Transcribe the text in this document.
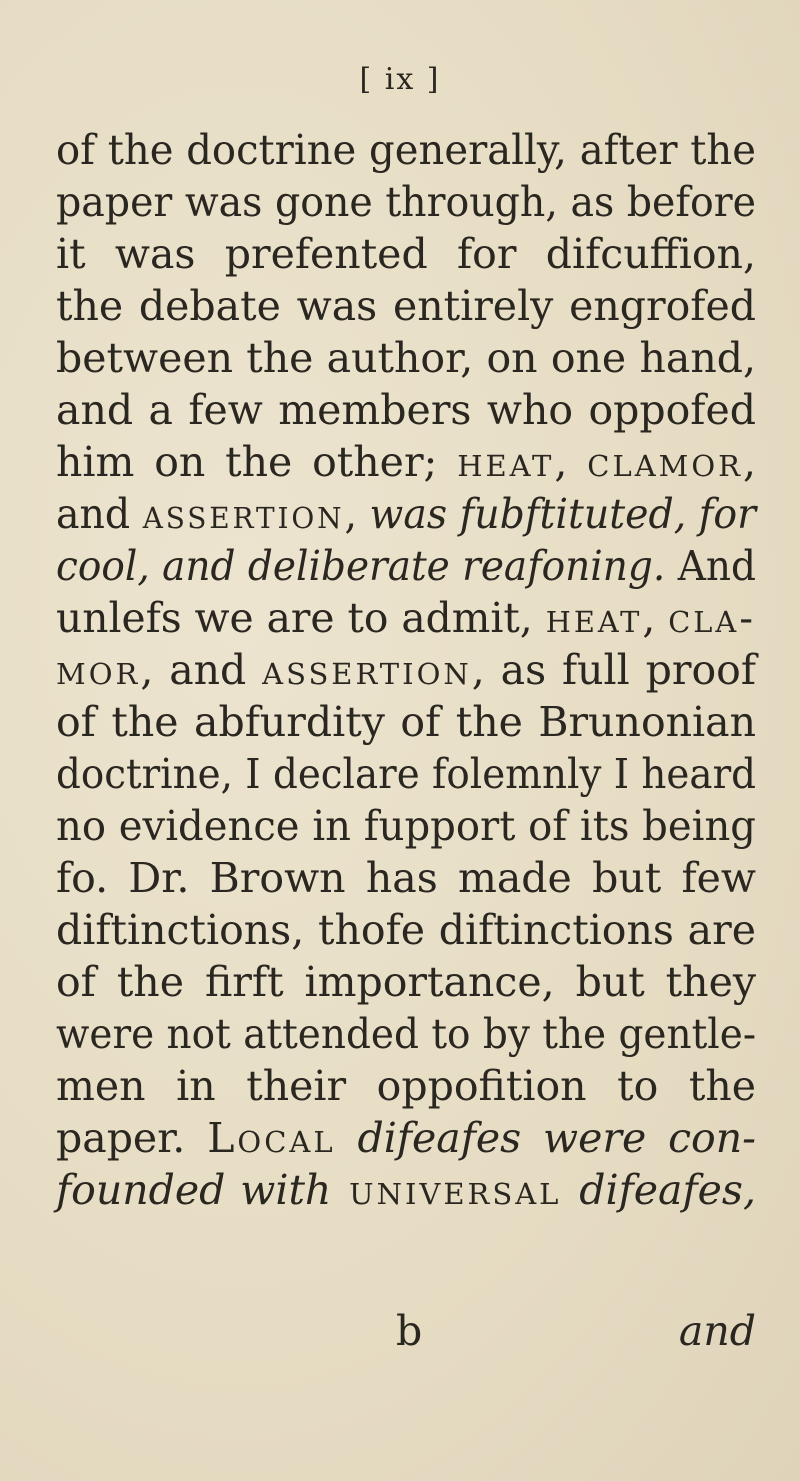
[ ix ]
of the doctrine generally, after the
paper was gone through, as before
it was prefented for difcuffion,
the debate was entirely engrofed
between the author, on one hand,
and a few members who oppofed
him on the other; heat, clamor,
and assertion, was fubftituted, for
cool, and deliberate reafoning. And
unlefs we are to admit, heat, cla-
mor, and assertion, as full proof
of the abfurdity of the Brunonian
doctrine, I declare folemnly I heard
no evidence in fupport of its being
fo. Dr. Brown has made but few
diftinctions, thofe diftinctions are
of the firft importance, but they
were not attended to by the gentle-
men in their oppofition to the
paper. Local difeafes were con-
founded with universal difeafes,
b	and
